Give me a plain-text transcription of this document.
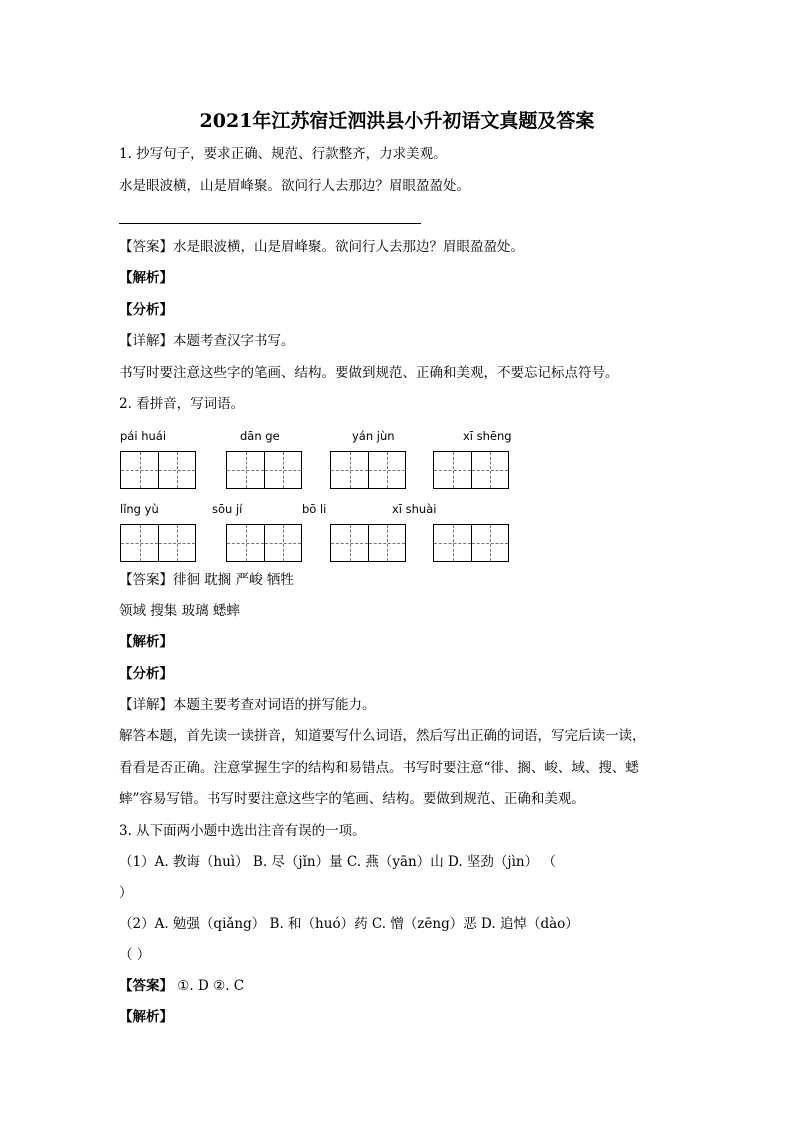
2021年江苏宿迁泗洪县小升初语文真题及答案
1. 抄写句子，要求正确、规范、行款整齐，力求美观。
水是眼波横，山是眉峰聚。欲问行人去那边？眉眼盈盈处。
【答案】水是眼波横，山是眉峰聚。欲问行人去那边？眉眼盈盈处。
【解析】
【分析】
【详解】本题考查汉字书写。
书写时要注意这些字的笔画、结构。要做到规范、正确和美观，不要忘记标点符号。
2. 看拼音，写词语。
pái huái	dān ge	yán jùn	xī shēng
lǐng yù	sōu jí	bō li	xī shuài
【答案】徘徊 耽搁 严峻 牺牲
领域 搜集 玻璃 蟋蟀
【解析】
【分析】
【详解】本题主要考查对词语的拼写能力。
解答本题，首先读一读拼音，知道要写什么词语，然后写出正确的词语，写完后读一读，
看看是否正确。注意掌握生字的结构和易错点。书写时要注意“徘、搁、峻、域、搜、蟋
蟀”容易写错。书写时要注意这些字的笔画、结构。要做到规范、正确和美观。
3. 从下面两小题中选出注音有误的一项。
（1）A. 教诲（huì） B. 尽（jǐn）量 C. 燕（yān）山 D. 坚劲（jìn） （
）
（2）A. 勉强（qiǎng） B. 和（huó）药 C. 憎（zēng）恶 D. 追悼（dào）
（ ）
【答案】 ①. D ②. C
【解析】
